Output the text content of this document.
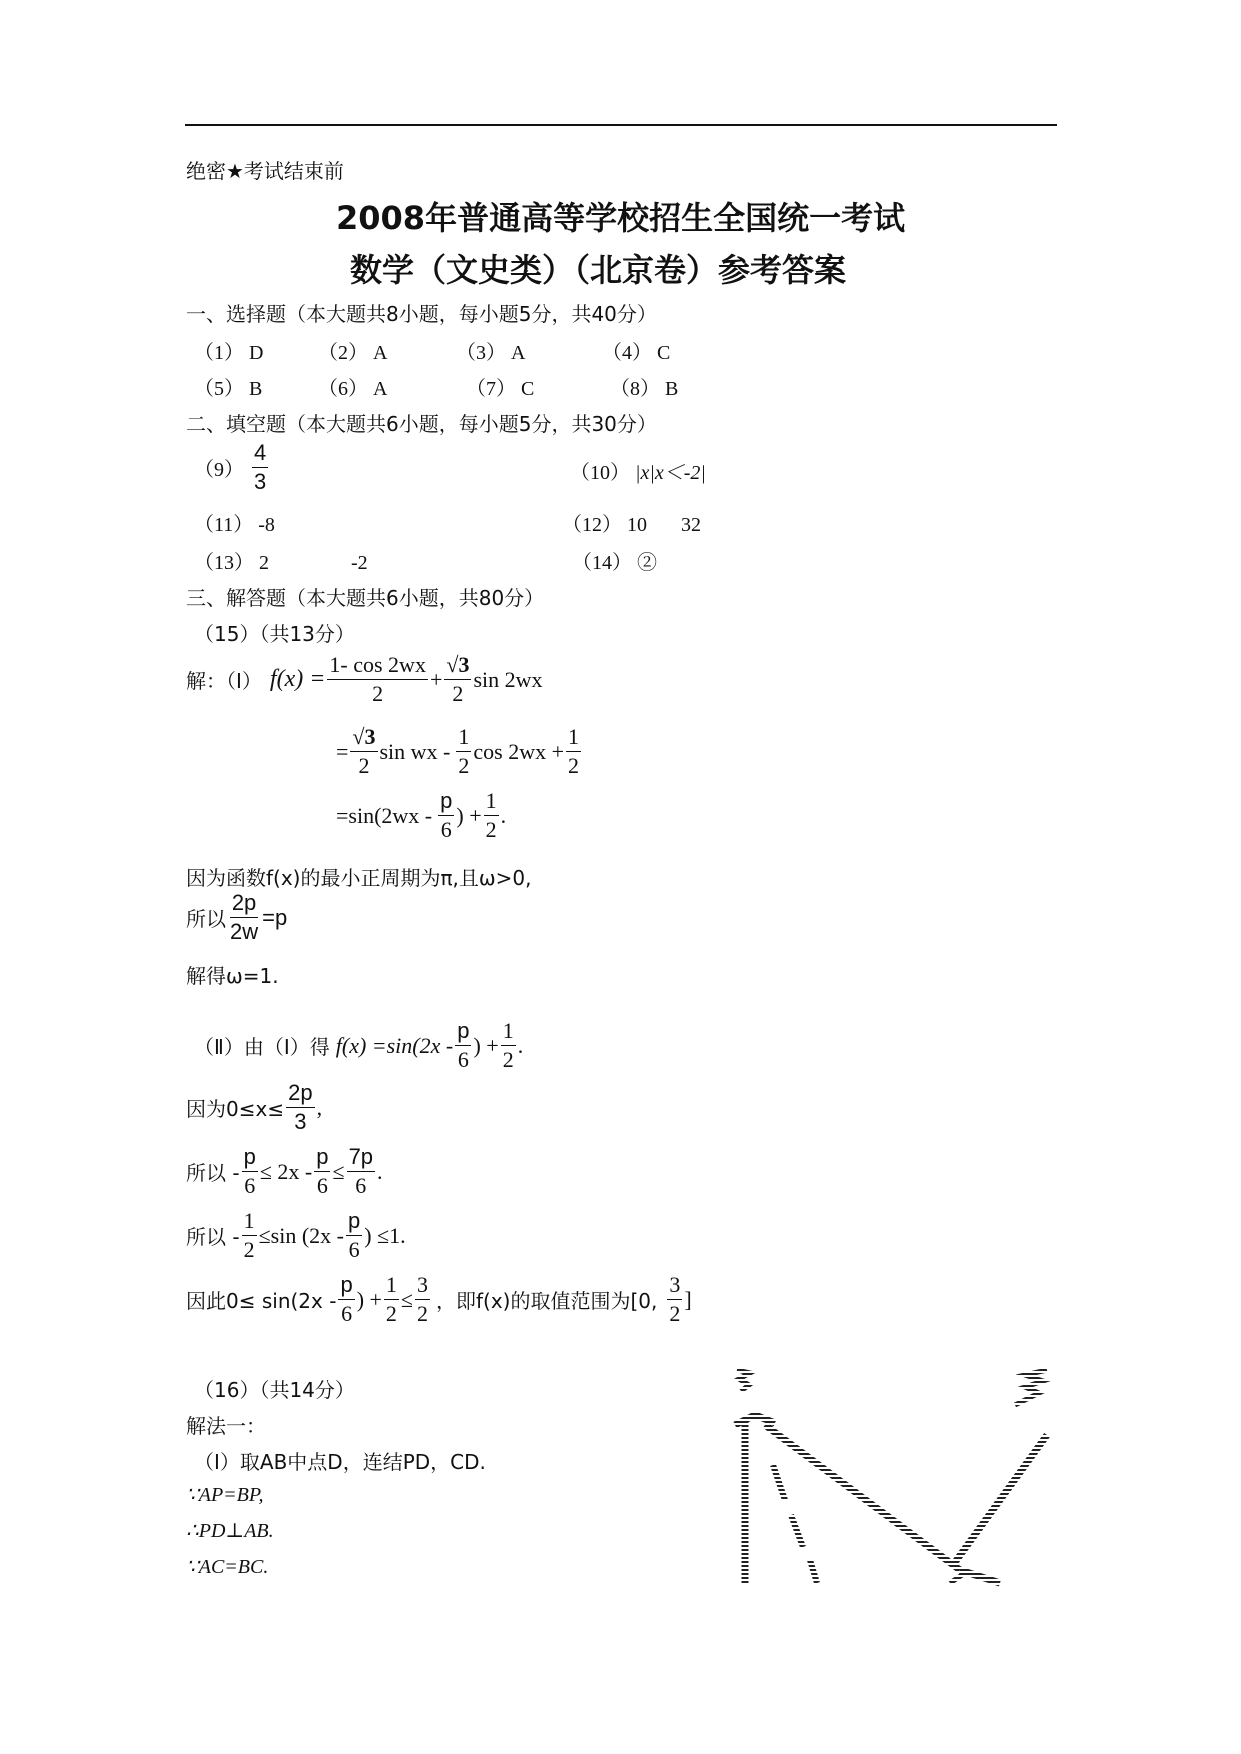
绝密★考试结束前
2008年普通高等学校招生全国统一考试
数学（文史类）（北京卷）参考答案
一、选择题（本大题共8小题，每小题5分，共40分）
（1） D	（2） A	（3） A	（4） C
（5） B	（6） A	（7） C	（8） B
二、填空题（本大题共6小题，每小题5分，共30分）
$(9) \frac{4}{3}$	（10） |x|x＜-2|
（11） -8	（12） 10 32
（13） 2	-2	（14） ②
三、解答题（本大题共6小题，共80分）
（15）（共13分）
解：（Ⅰ） $f(x) = \frac{1- \cos 2wx}{2} + \frac{√3}{2}$ sin 2wx
= $\frac{√3}{2}$ sin wx - $\frac{1}{2}$ $\cos 2wx + \frac{1}{2}$
$=\sin(2wx - \frac{p}{6}$ ) + $\frac{1}{2}$ .
因为函数f(x)的最小正周期为π,且ω>0,
所以 $\frac{2p}{2w} =p$
解得ω=1.
（Ⅱ）由（Ⅰ）得 $f(x) =\sin(2x - \frac{p}{6}$ ) + $\frac{1}{2}$ .
因为$0\le x\le \frac{2p}{3}$ ,
所以 - $\frac{p}{6} \le 2x - \frac{p}{6} \le \frac{7p}{6}$ .
所以 - $\frac{1}{2} \le\sin$ ($2x - \frac{p}{6}$ ) ≤1.
因此$0\le \sin(2x - \frac{p}{6}$ ) + $\frac{1}{2} \le \frac{3}{2}$ ， 即f(x)的取值范围为[0, $\frac{3}{2}$ ]
（16）（共14分）
解法一：
（Ⅰ）取AB中点D，连结PD，CD.
∵AP=BP,
∴PD⊥AB.
∵AC=BC.
